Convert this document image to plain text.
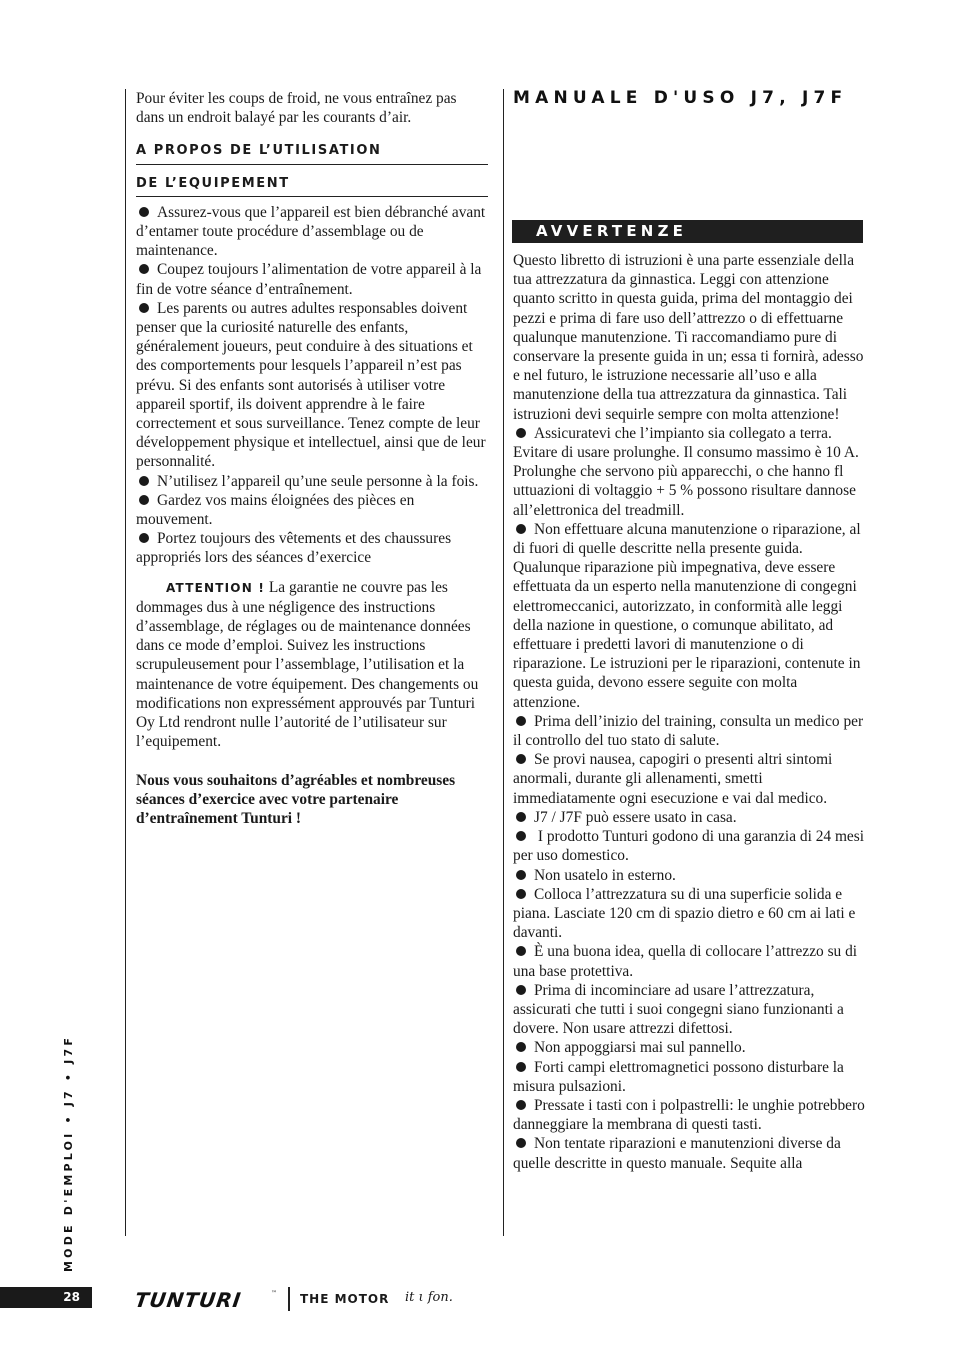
Pour éviter les coups de froid, ne vous entraînez pas dans un endroit balayé par les courants d’air.

A PROPOS DE L’UTILISATION
DE L’EQUIPEMENT

Assurez-vous que l’appareil est bien débranché avant d’entamer toute procédure d’assemblage ou de maintenance.

Coupez toujours l’alimentation de votre appareil à la fin de votre séance d’entraînement.

Les parents ou autres adultes responsables doivent penser que la curiosité naturelle des enfants, généralement joueurs, peut conduire à des situations et des comportements pour lesquels l’appareil n’est pas prévu. Si des enfants sont autorisés à utiliser votre appareil sportif, ils doivent apprendre à le faire correctement et sous surveillance. Tenez compte de leur développement physique et intellectuel, ainsi que de leur personnalité.

N’utilisez l’appareil qu’une seule personne à la fois.

Gardez vos mains éloignées des pièces en mouvement.

Portez toujours des vêtements et des chaussures appropriés lors des séances d’exercice

ATTENTION ! La garantie ne couvre pas les dommages dus à une négligence des instructions d’assemblage, de réglages ou de maintenance données dans ce mode d’emploi. Suivez les instructions scrupuleusement pour l’assemblage, l’utilisation et la maintenance de votre équipement. Des changements ou modifications non expressément approuvés par Tunturi Oy Ltd rendront nulle l’autorité de l’utilisateur sur l’equipement.

Nous vous souhaitons d’agréables et nombreuses séances d’exercice avec votre partenaire d’entraînement Tunturi !

MANUALE D'USO J7, J7F
AVVERTENZE

Questo libretto di istruzioni è una parte essenziale della tua attrezzatura da ginnastica. Leggi con attenzione quanto scritto in questa guida, prima del montaggio dei pezzi e prima di fare uso dell’attrezzo o di effettuarne qualunque manutenzione. Ti raccomandiamo pure di conservare la presente guida in un; essa ti fornirà, adesso e nel futuro, le istruzione necessarie all’uso e alla manutenzione della tua attrezzatura da ginnastica. Tali istruzioni devi sequirle sempre con molta attenzione!

Assicuratevi che l’impianto sia collegato a terra. Evitare di usare prolunghe. Il consumo massimo è 10 A. Prolunghe che servono più apparecchi, o che hanno fl uttuazioni di voltaggio + 5 % possono risultare dannose all’elettronica del treadmill.

Non effettuare alcuna manutenzione o riparazione, al di fuori di quelle descritte nella presente guida. Qualunque riparazione più impegnativa, deve essere effettuata da un esperto nella manutenzione di congegni elettromeccanici, autorizzato, in conformità alle leggi della nazione in questione, o comunque abilitato, ad effettuare i predetti lavori di manutenzione o di riparazione. Le istruzioni per le riparazioni, contenute in questa guida, devono essere seguite con molta attenzione.

Prima dell’inizio del training, consulta un medico per il controllo del tuo stato di salute.

Se provi nausea, capogiri o presenti altri sintomi anormali, durante gli allenamenti, smetti immediatamente ogni esecuzione e vai dal medico.

J7 / J7F può essere usato in casa.

I prodotto Tunturi godono di una garanzia di 24 mesi per uso domestico.

Non usatelo in esterno.

Colloca l’attrezzatura su di una superficie solida e piana. Lasciate 120 cm di spazio dietro e 60 cm ai lati e davanti.

È una buona idea, quella di collocare l’attrezzo su di una base protettiva.

Prima di incominciare ad usare l’attrezzatura, assicurati che tutti i suoi congegni siano funzionanti a dovere. Non usare attrezzi difettosi.

Non appoggiarsi mai sul pannello.

Forti campi elettromagnetici possono disturbare la misura pulsazioni.

Pressate i tasti con i polpastrelli: le unghie potrebbero danneggiare la membrana di questi tasti.

Non tentate riparazioni e manutenzioni diverse da quelle descritte in questo manuale. Sequite alla

MODE D'EMPLOI • J7 • J7F
28	TUNTURI	™ THE MOTOR it ι fon.
